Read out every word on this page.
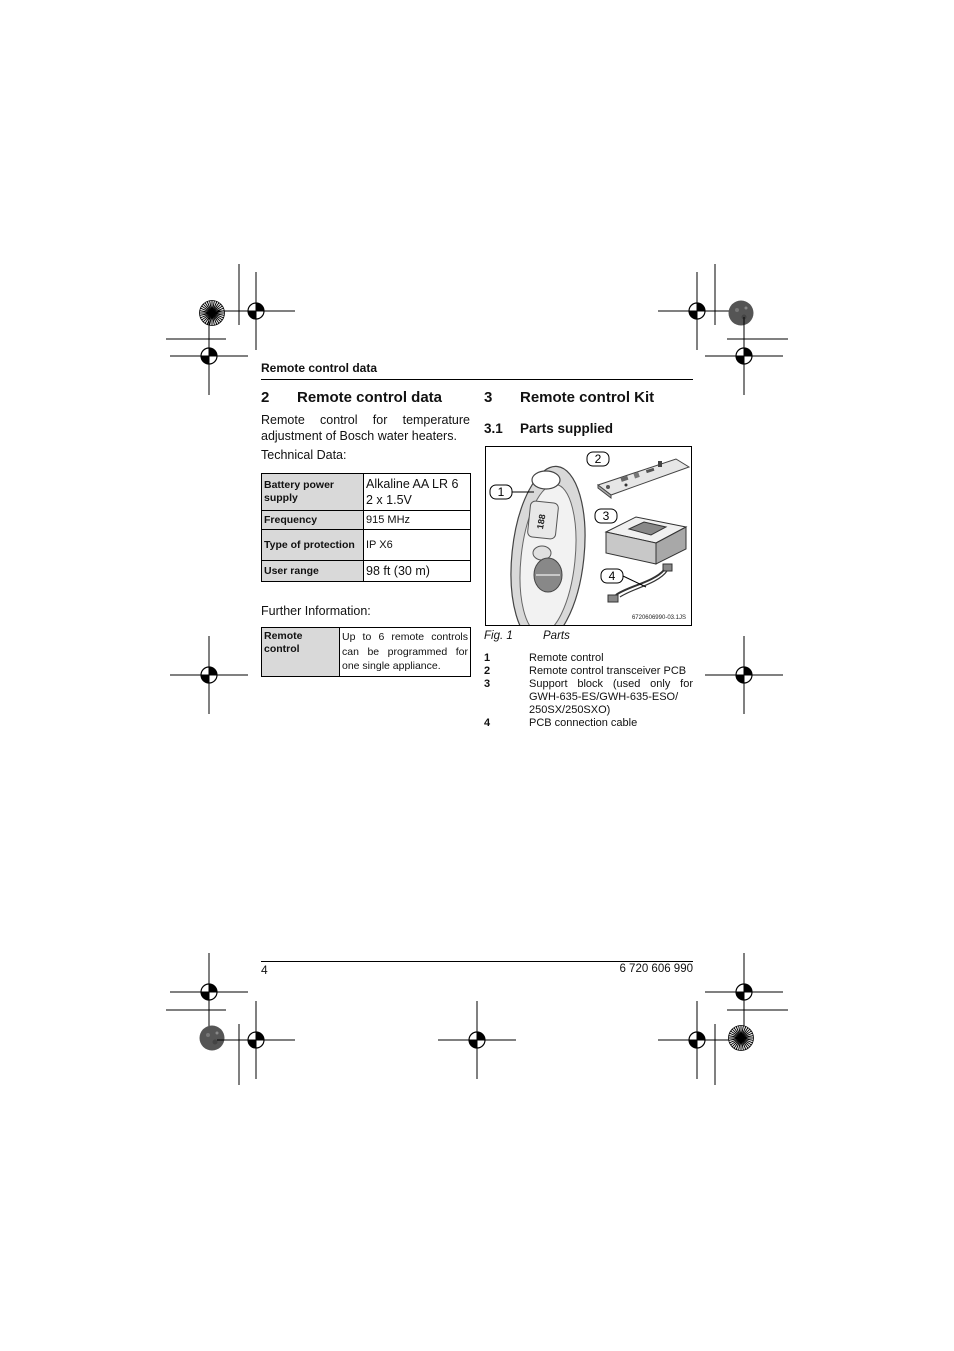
Remote control data
2 Remote control data
Remote control for temperature adjustment of Bosch water heaters.
Technical Data:
Battery power supply	Alkaline AA LR 6
2 x 1.5V
Frequency	915 MHz
Type of protection	IP X6
User range	98 ft (30 m)
Further Information:
Remote control	Up to 6 remote controls can be programmed for one single appliance.
3 Remote control Kit
3.1 Parts supplied
188
1
2
3
4
6720606990-03.1JS
Fig. 1	Parts
1	Remote control
2	Remote control transceiver PCB
3	Support block (used only for GWH-635-ES/GWH-635-ESO/ 250SX/250SXO)
4	PCB connection cable
4	6 720 606 990
